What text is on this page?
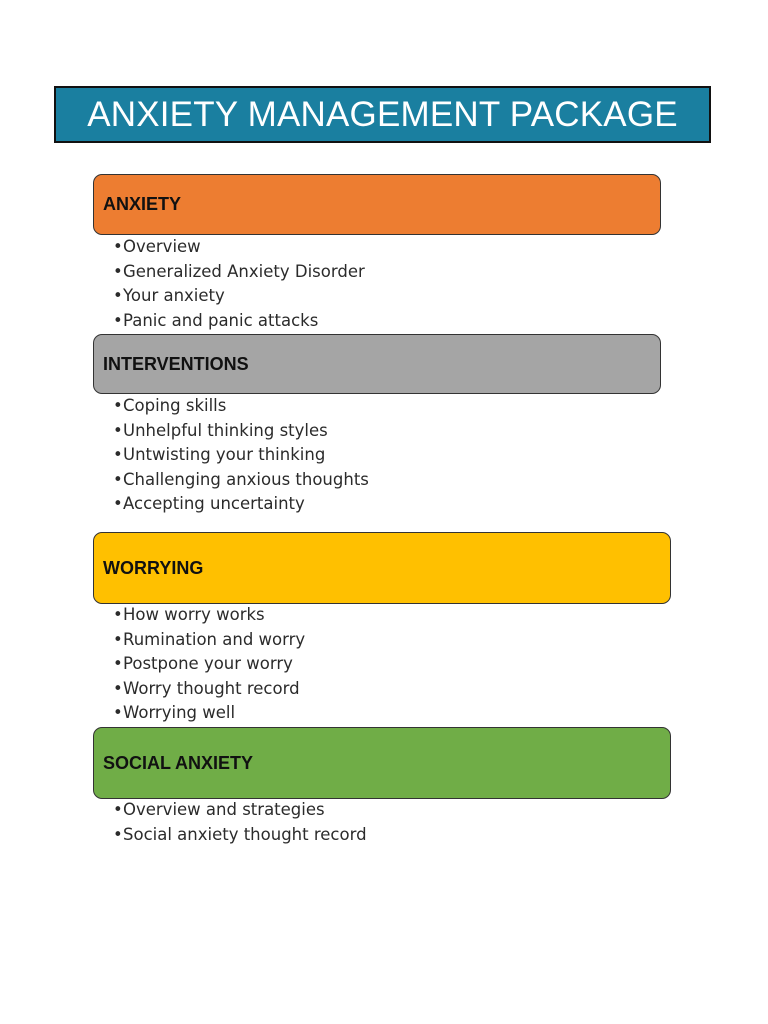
ANXIETY MANAGEMENT PACKAGE
ANXIETY
•Overview
•Generalized Anxiety Disorder
•Your anxiety
•Panic and panic attacks
INTERVENTIONS
•Coping skills
•Unhelpful thinking styles
•Untwisting your thinking
•Challenging anxious thoughts
•Accepting uncertainty
WORRYING
•How worry works
•Rumination and worry
•Postpone your worry
•Worry thought record
•Worrying well
SOCIAL ANXIETY
•Overview and strategies
•Social anxiety thought record
